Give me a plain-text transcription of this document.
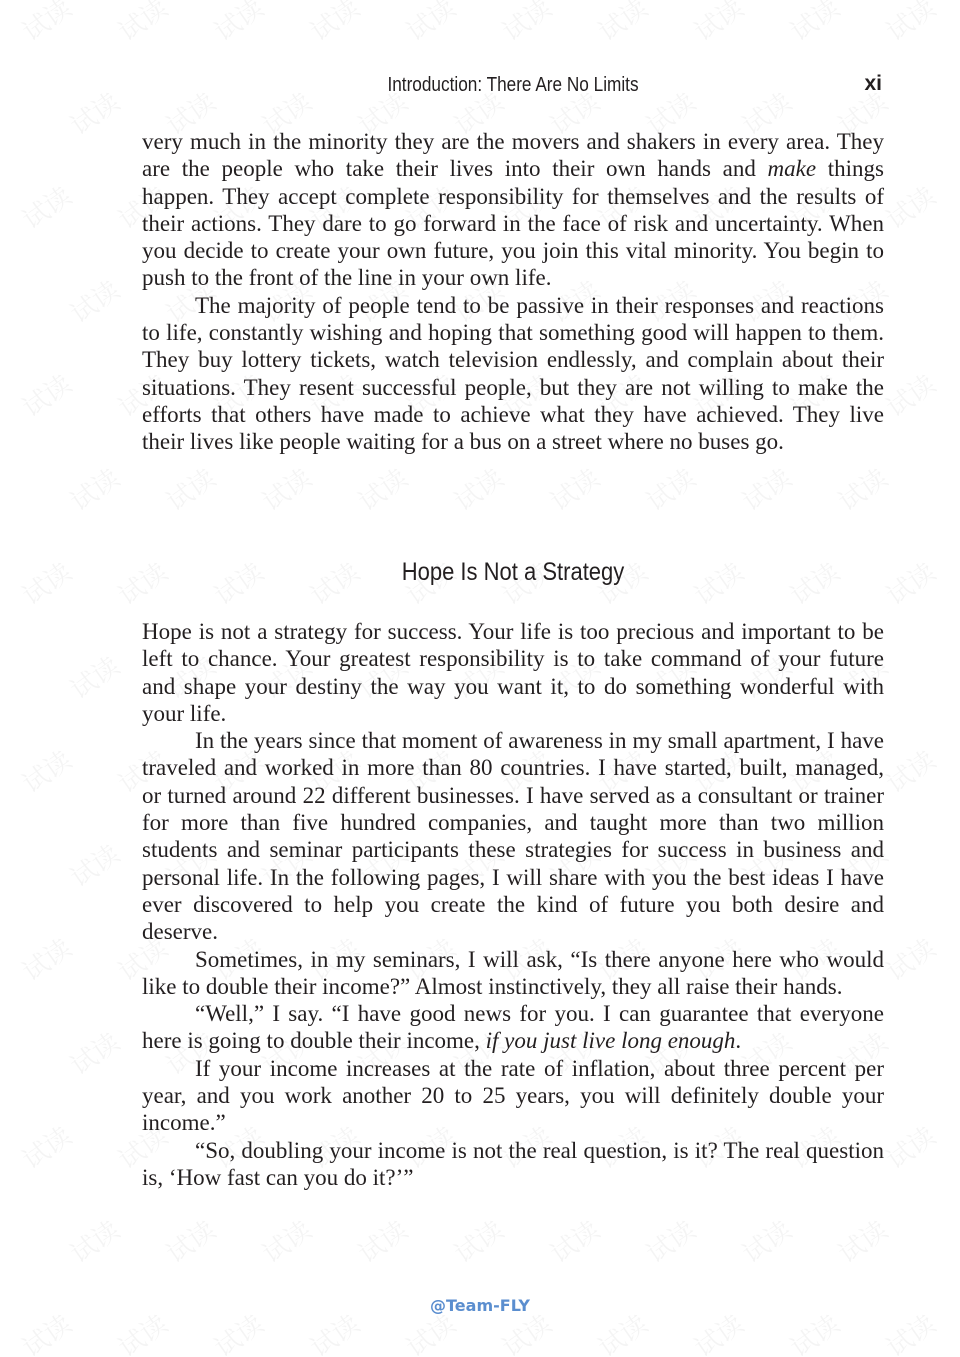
Introduction: There Are No Limits	xi

very much in the minority they are the movers and shakers in every area. They are the people who take their lives into their own hands and make things happen. They accept complete responsibility for themselves and the results of their actions. They dare to go forward in the face of risk and uncertainty. When you decide to create your own future, you join this vital minority. You begin to push to the front of the line in your own life.

The majority of people tend to be passive in their responses and reactions to life, constantly wishing and hoping that something good will happen to them. They buy lottery tickets, watch television endlessly, and complain about their situations. They resent successful people, but they are not willing to make the efforts that others have made to achieve what they have achieved. They live their lives like people waiting for a bus on a street where no buses go.

Hope Is Not a Strategy

Hope is not a strategy for success. Your life is too precious and important to be left to chance. Your greatest responsibility is to take command of your future and shape your destiny the way you want it, to do something wonderful with your life.

In the years since that moment of awareness in my small apartment, I have traveled and worked in more than 80 countries. I have started, built, managed, or turned around 22 different businesses. I have served as a consultant or trainer for more than five hundred companies, and taught more than two million students and seminar participants these strategies for success in business and personal life. In the following pages, I will share with you the best ideas I have ever discovered to help you create the kind of future you both desire and deserve.

Sometimes, in my seminars, I will ask, “Is there anyone here who would like to double their income?” Almost instinctively, they all raise their hands.

“Well,” I say. “I have good news for you. I can guarantee that everyone here is going to double their income, if you just live long enough.

If your income increases at the rate of inflation, about three percent per year, and you work another 20 to 25 years, you will definitely double your income.”

“So, doubling your income is not the real question, is it? The real question is, ‘How fast can you do it?’”

@Team-FLY
